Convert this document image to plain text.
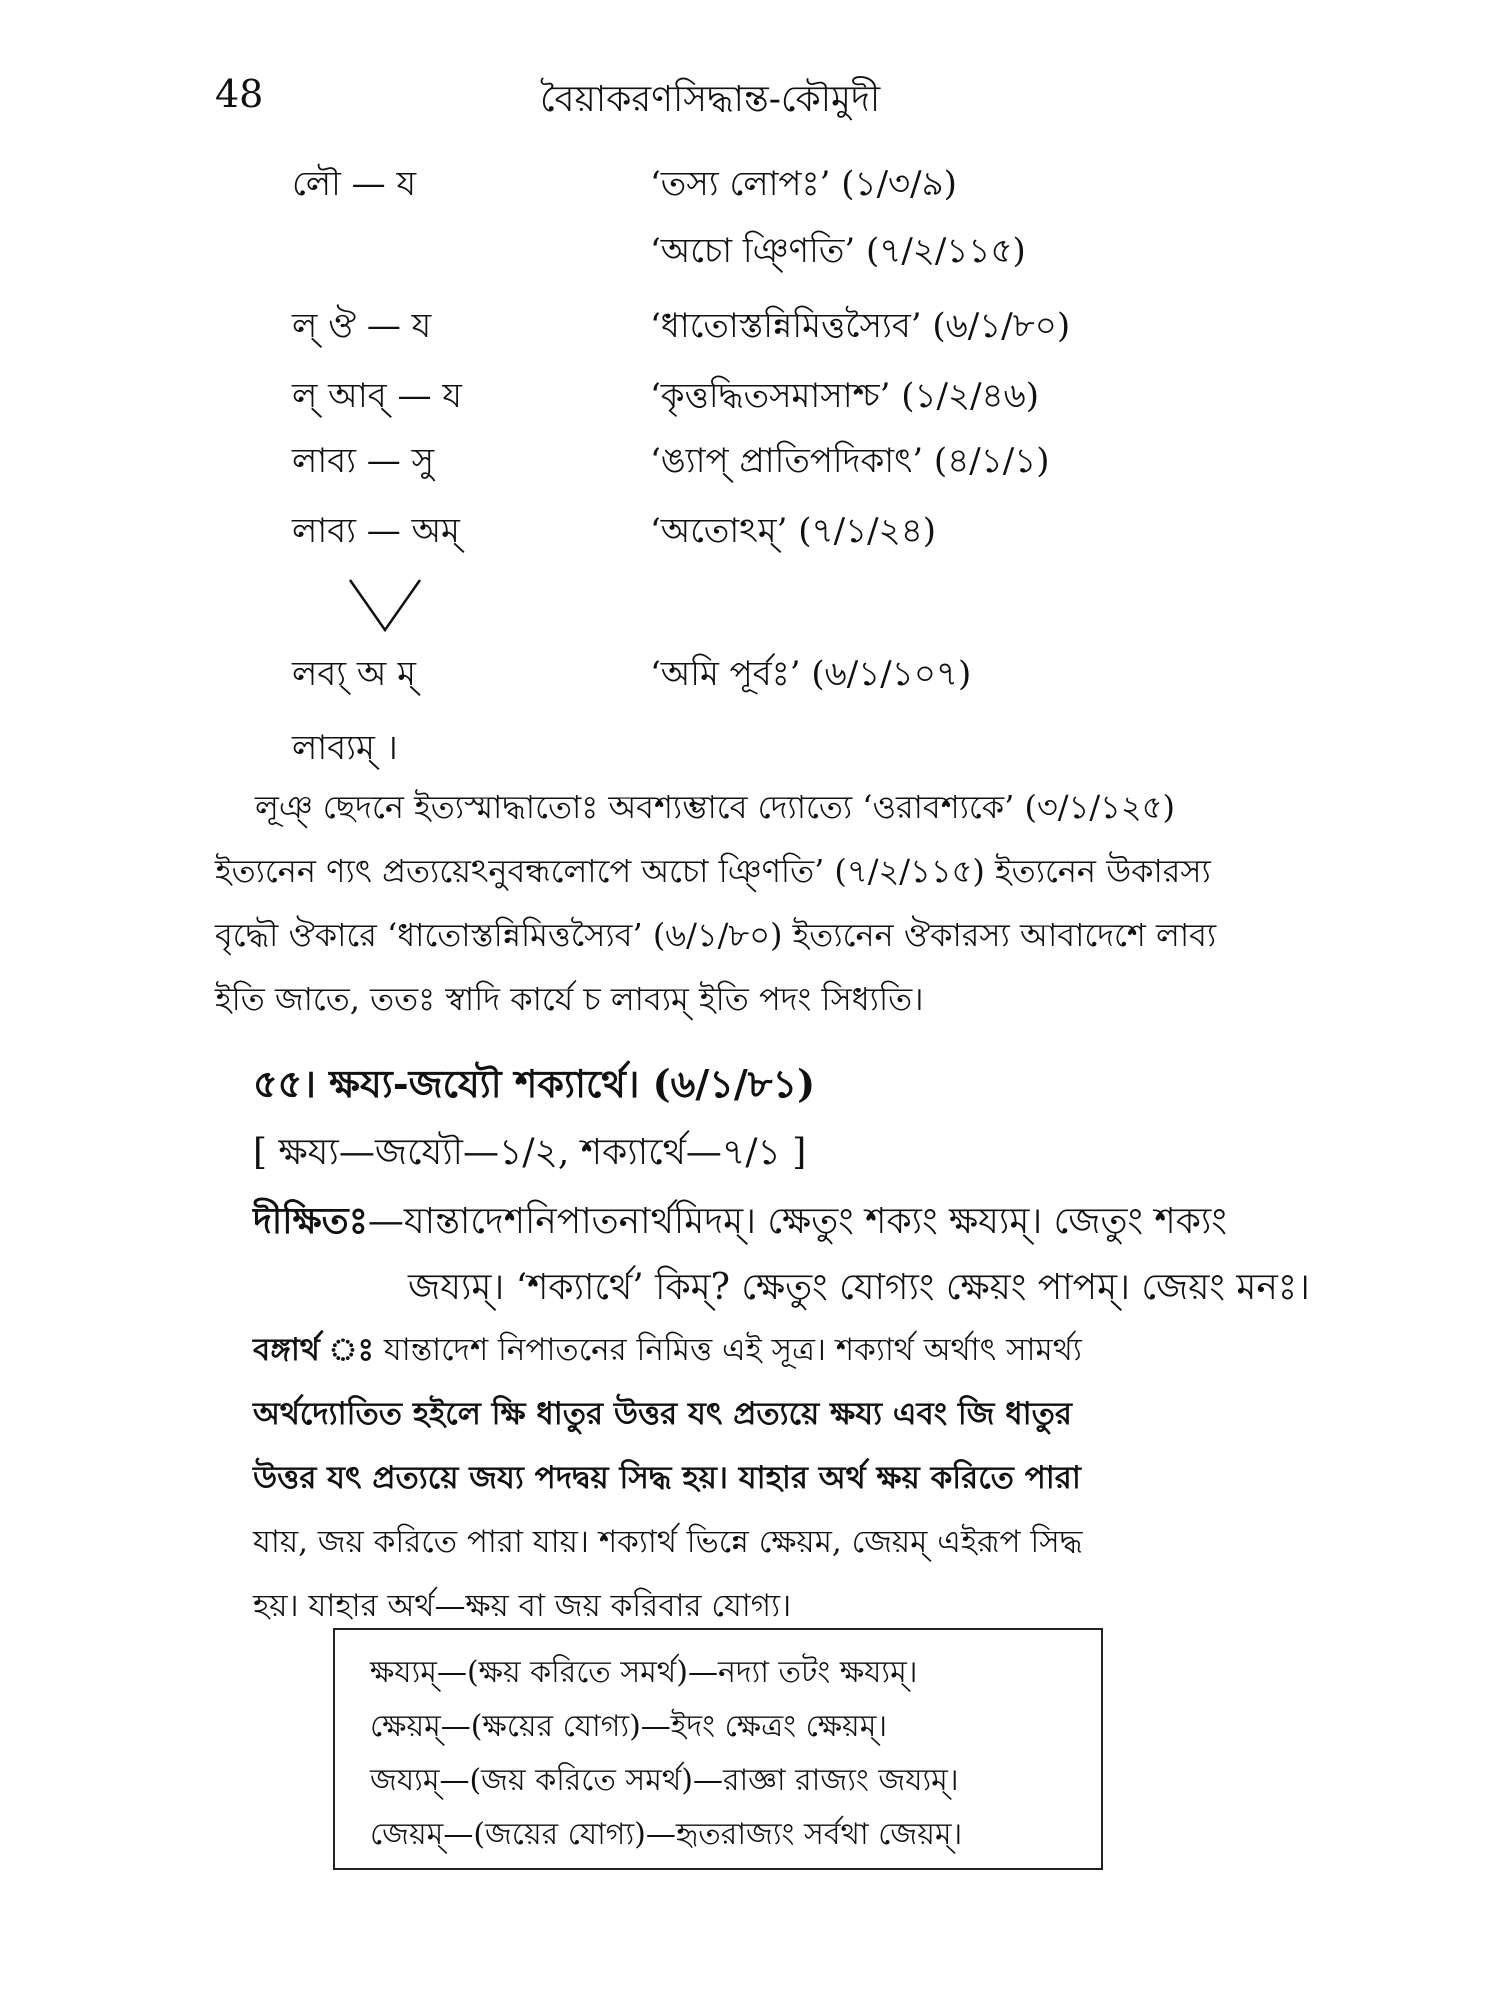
48	বৈয়াকরণসিদ্ধান্ত-কৌমুদী
লৌ — য	‘তস্য লোপঃ’ (১/৩/৯)
‘অচো ঞ্ণিতি’ (৭/২/১১৫)
ল্ ঔ — য	‘ধাতোস্তন্নিমিত্তস্যৈব’ (৬/১/৮০)
ল্ আব্ — য	‘কৃত্তদ্ধিতসমাসাশ্চ’ (১/২/৪৬)
লাব্য — সু	‘ঙ্যাপ্ প্রাতিপদিকাৎ’ (৪/১/১)
লাব্য — অম্	‘অতোঽম্’ (৭/১/২৪)
লব্য্ অ ম্	‘অমি পূর্বঃ’ (৬/১/১০৭)
লাব্যম্ ।
লূঞ্ ছেদনে ইত্যস্মাদ্ধাতোঃ অবশ্যম্ভাবে দ্যোত্যে ‘ওরাবশ্যকে’ (৩/১/১২৫)
ইত্যনেন ণ্যৎ প্রত্যয়েঽনুবন্ধলোপে অচো ঞ্ণিতি’ (৭/২/১১৫) ইত্যনেন উকারস্য
বৃদ্ধৌ ঔকারে ‘ধাতোস্তন্নিমিত্তস্যৈব’ (৬/১/৮০) ইত্যনেন ঔকারস্য আবাদেশে লাব্য
ইতি জাতে, ততঃ স্বাদি কার্যে চ লাব্যম্ ইতি পদং সিধ্যতি।
৫৫। ক্ষয্য-জয্যৌ শক্যার্থে। (৬/১/৮১)
[ ক্ষয্য—জয্যৌ—১/২, শক্যার্থে—৭/১ ]
দীক্ষিতঃ—যান্তাদেশনিপাতনার্থমিদম্। ক্ষেতুং শক্যং ক্ষয্যম্। জেতুং শক্যং
জয্যম্। ‘শক্যার্থে’ কিম্? ক্ষেতুং যোগ্যং ক্ষেয়ং পাপম্। জেয়ং মনঃ।
বঙ্গার্থ ঃ যান্তাদেশ নিপাতনের নিমিত্ত এই সূত্র। শক্যার্থ অর্থাৎ সামর্থ্য
অর্থদ্যোতিত হইলে ক্ষি ধাতুর উত্তর যৎ প্রত্যয়ে ক্ষয্য এবং জি ধাতুর
উত্তর যৎ প্রত্যয়ে জয্য পদদ্বয় সিদ্ধ হয়। যাহার অর্থ ক্ষয় করিতে পারা
যায়, জয় করিতে পারা যায়। শক্যার্থ ভিন্নে ক্ষেয়ম, জেয়ম্ এইরূপ সিদ্ধ
হয়। যাহার অর্থ—ক্ষয় বা জয় করিবার যোগ্য।
ক্ষয্যম্—(ক্ষয় করিতে সমর্থ)—নদ্যা তটং ক্ষয্যম্।
ক্ষেয়ম্—(ক্ষয়ের যোগ্য)—ইদং ক্ষেত্রং ক্ষেয়ম্।
জয্যম্—(জয় করিতে সমর্থ)—রাজ্ঞা রাজ্যং জয্যম্।
জেয়ম্—(জয়ের যোগ্য)—হৃতরাজ্যং সর্বথা জেয়ম্।
